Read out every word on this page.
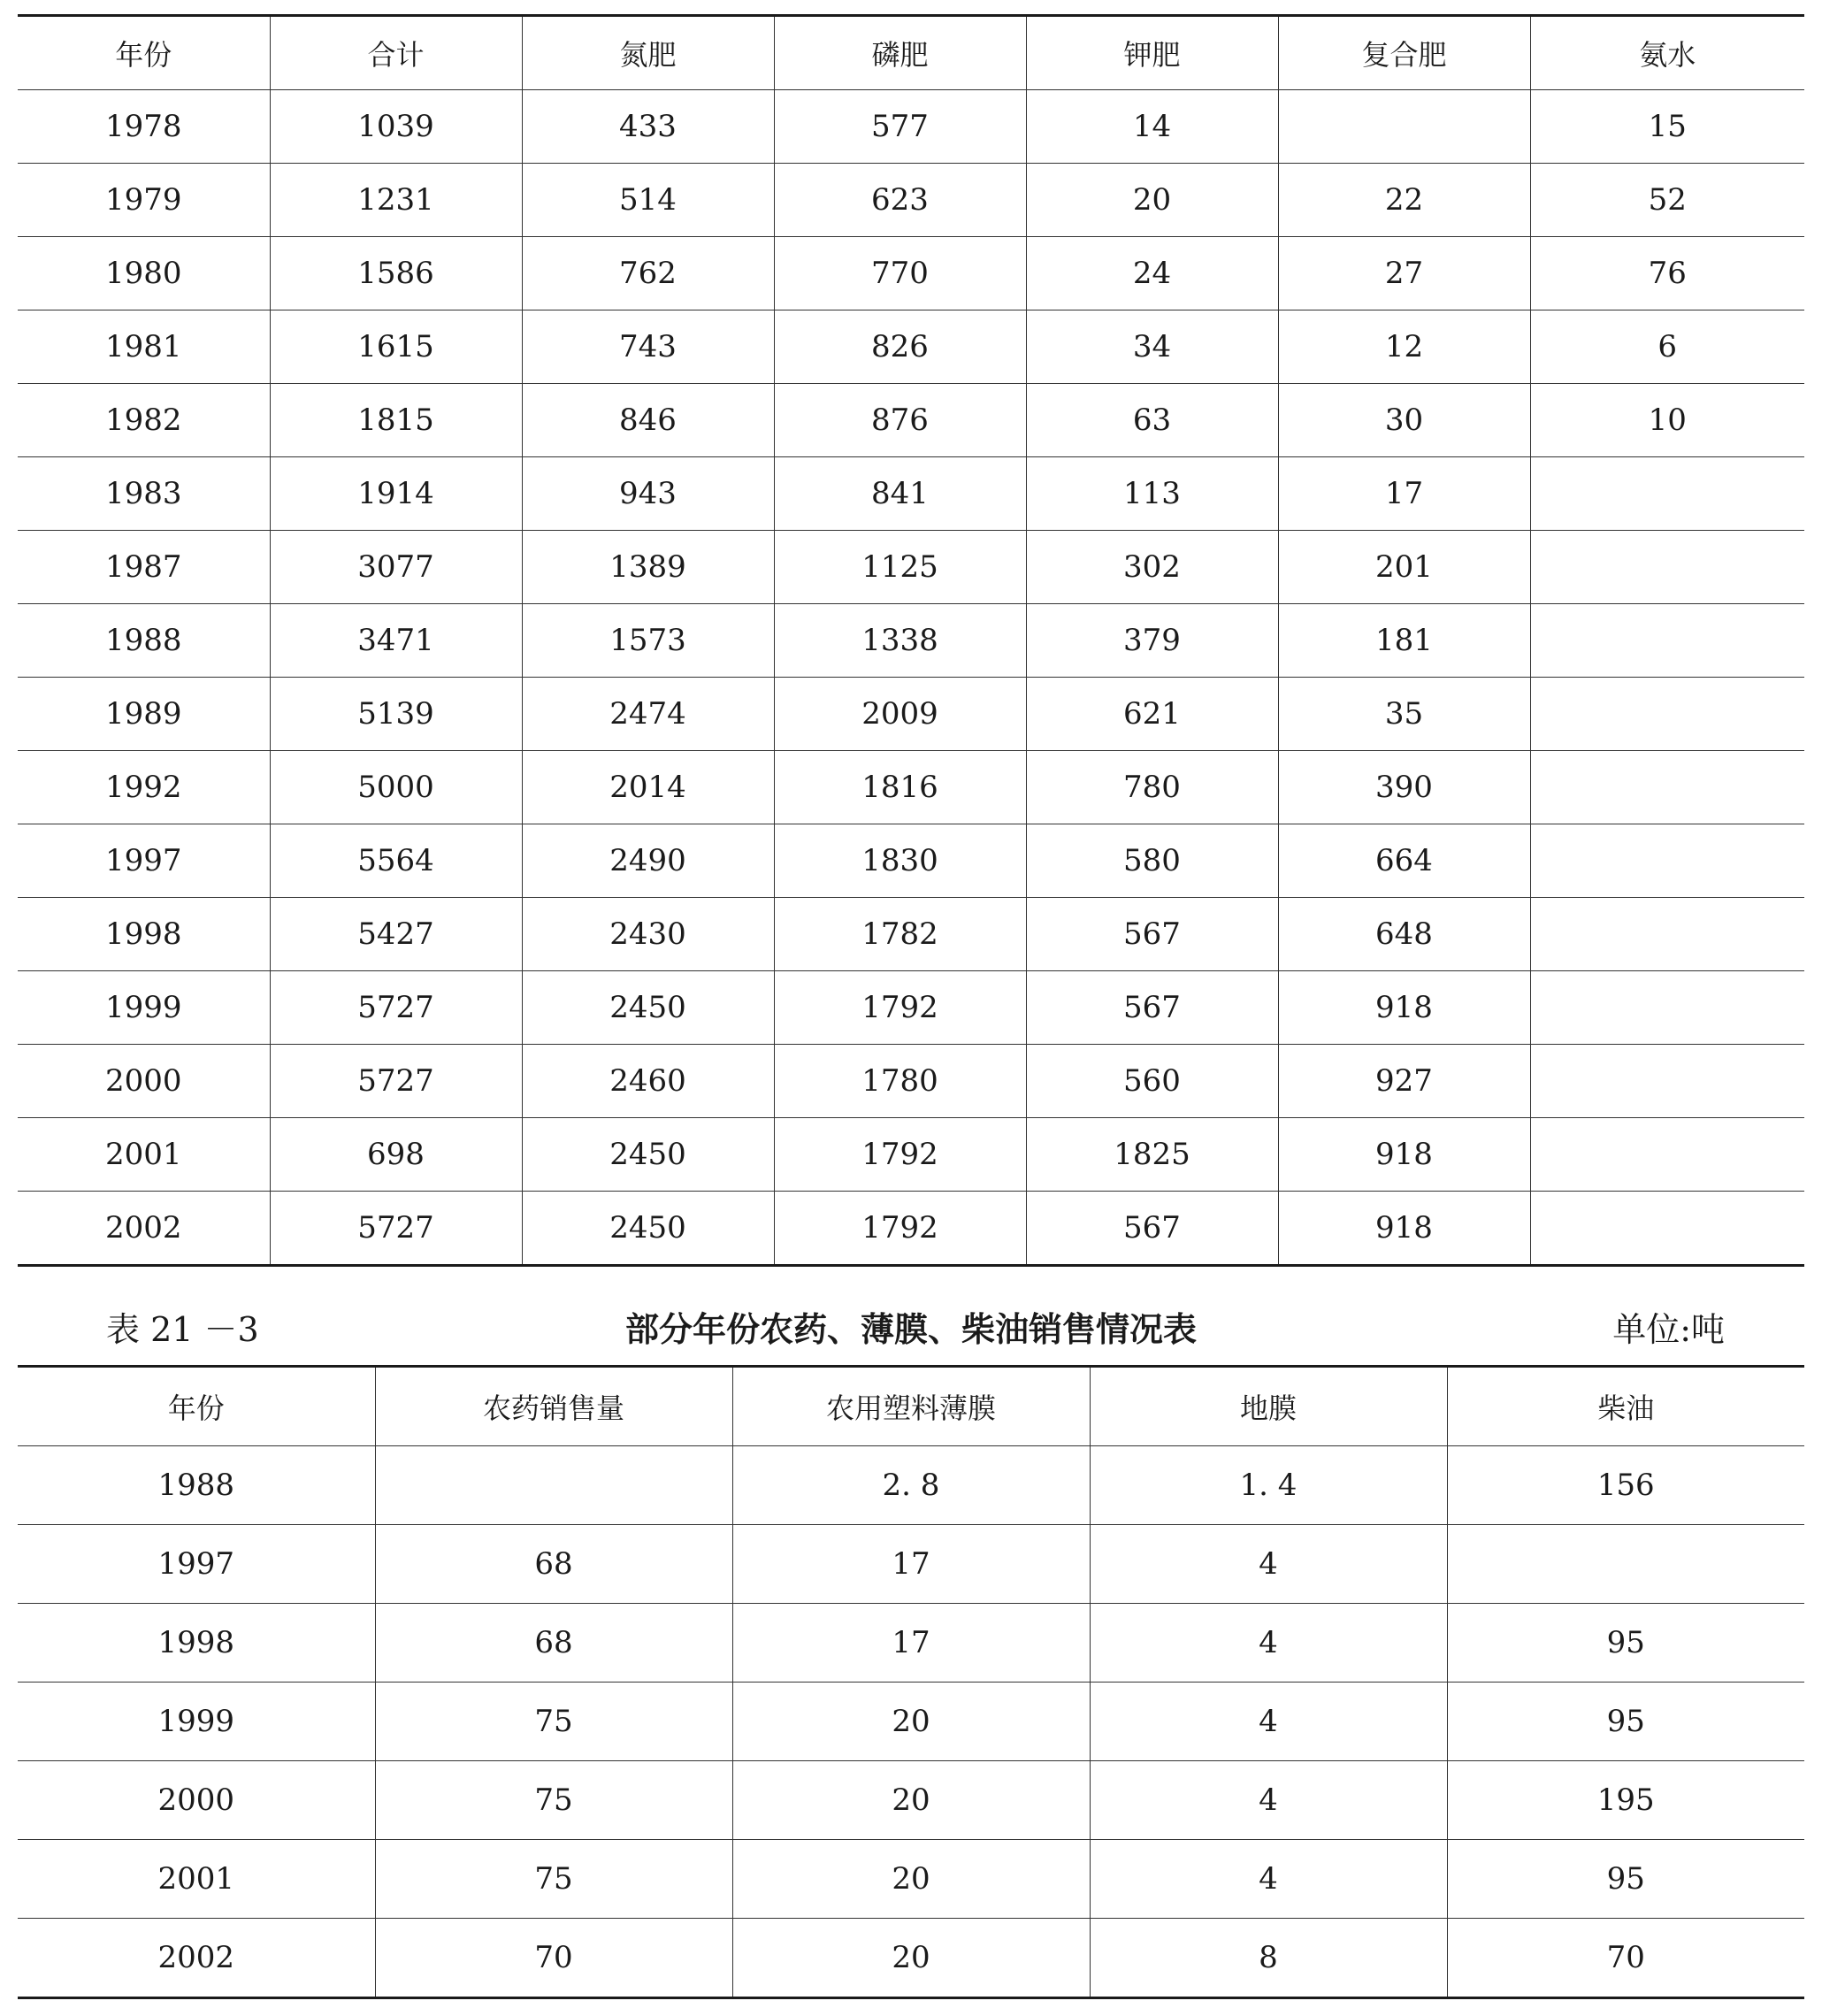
年份	合计	氮肥	磷肥	钾肥	复合肥	氨水
1978	1039	433	577	14		15
1979	1231	514	623	20	22	52
1980	1586	762	770	24	27	76
1981	1615	743	826	34	12	6
1982	1815	846	876	63	30	10
1983	1914	943	841	113	17	
1987	3077	1389	1125	302	201	
1988	3471	1573	1338	379	181	
1989	5139	2474	2009	621	35	
1992	5000	2014	1816	780	390	
1997	5564	2490	1830	580	664	
1998	5427	2430	1782	567	648	
1999	5727	2450	1792	567	918	
2000	5727	2460	1780	560	927	
2001	698	2450	1792	1825	918	
2002	5727	2450	1792	567	918	
表 21 －3	部分年份农药、薄膜、柴油销售情况表	单位:吨
年份	农药销售量	农用塑料薄膜	地膜	柴油
1988		2. 8	1. 4	156
1997	68	17	4	
1998	68	17	4	95
1999	75	20	4	95
2000	75	20	4	195
2001	75	20	4	95
2002	70	20	8	70
